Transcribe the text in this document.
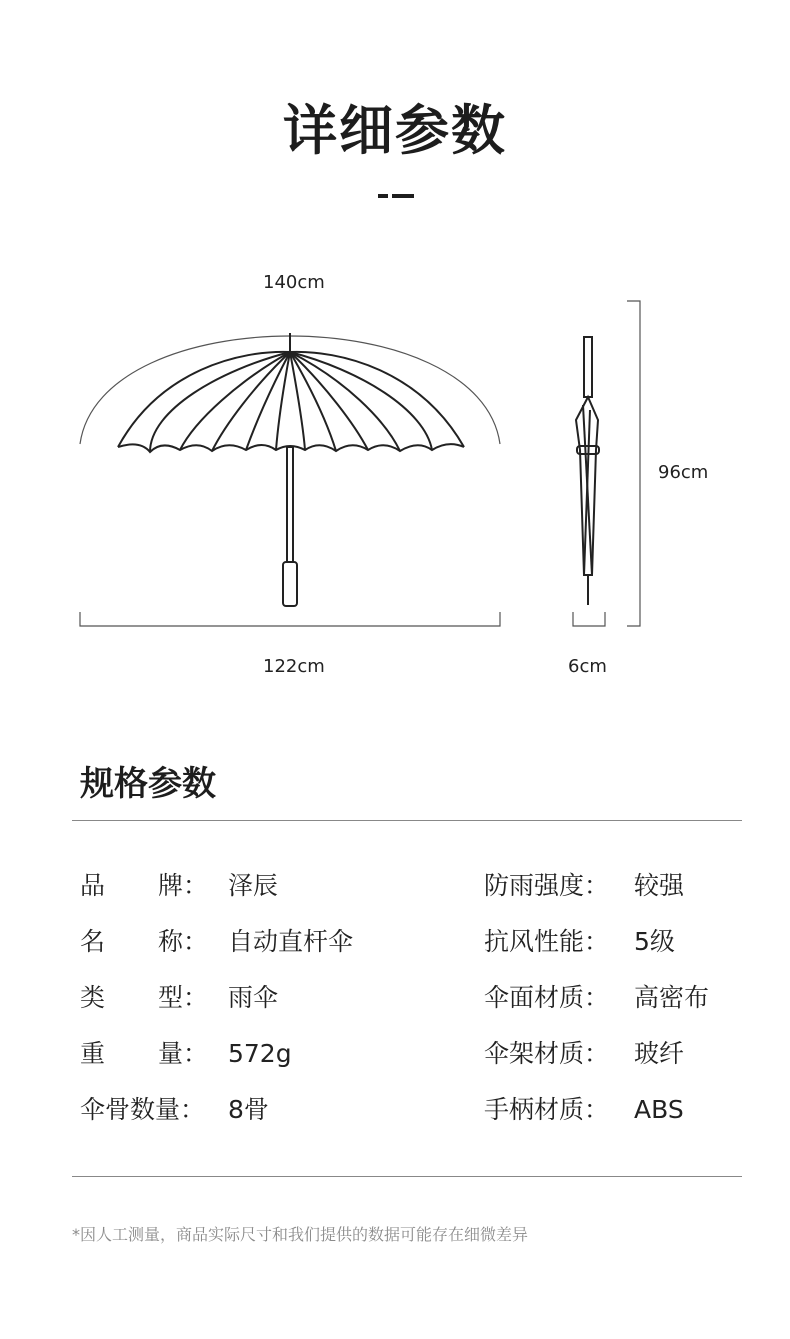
详细参数
140cm
122cm
96cm
6cm
规格参数
品 牌： 泽辰
名 称： 自动直杆伞
类 型： 雨伞
重 量： 572g
伞骨数量： 8骨
防雨强度： 较强
抗风性能： 5级
伞面材质： 高密布
伞架材质： 玻纤
手柄材质： ABS
*因人工测量，商品实际尺寸和我们提供的数据可能存在细微差异
